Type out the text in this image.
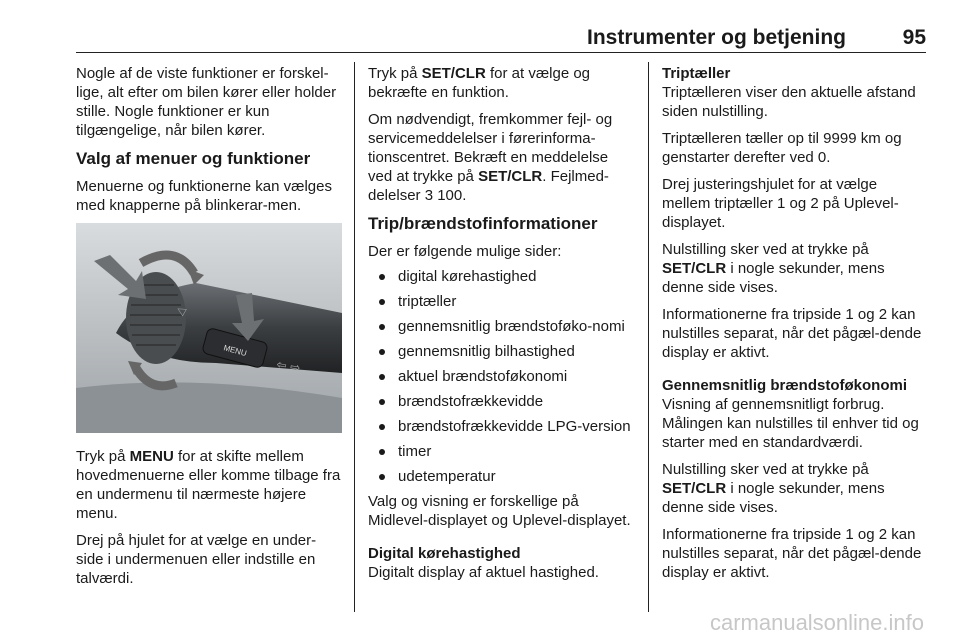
Instrumenter og betjening	95

Nogle af de viste funktioner er forskel-lige, alt efter om bilen kører eller holder stille. Nogle funktioner er kun tilgængelige, når bilen kører.

Valg af menuer og funktioner

Menuerne og funktionerne kan vælges med knapperne på blinkerar-men.

MENU
◁
⇦ ⇨

Tryk på MENU for at skifte mellem hovedmenuerne eller komme tilbage fra en undermenu til nærmeste højere menu.

Drej på hjulet for at vælge en under-side i undermenuen eller indstille en talværdi.

Tryk på SET/CLR for at vælge og bekræfte en funktion.

Om nødvendigt, fremkommer fejl- og servicemeddelelser i førerinforma-tionscentret. Bekræft en meddelelse ved at trykke på SET/CLR. Fejlmed-delelser 3 100.

Trip/brændstofinformationer

Der er følgende mulige sider:

digital kørehastighed
triptæller
gennemsnitlig brændstoføko-nomi
gennemsnitlig bilhastighed
aktuel brændstoføkonomi
brændstofrækkevidde
brændstofrækkevidde LPG-version
timer
udetemperatur

Valg og visning er forskellige på Midlevel-displayet og Uplevel-displayet.

Digital kørehastighed

Digitalt display af aktuel hastighed.

Triptæller

Triptælleren viser den aktuelle afstand siden nulstilling.

Triptælleren tæller op til 9999 km og genstarter derefter ved 0.

Drej justeringshjulet for at vælge mellem triptæller 1 og 2 på Uplevel-displayet.

Nulstilling sker ved at trykke på SET/CLR i nogle sekunder, mens denne side vises.

Informationerne fra tripside 1 og 2 kan nulstilles separat, når det pågæl-dende display er aktivt.

Gennemsnitlig brændstoføkonomi

Visning af gennemsnitligt forbrug. Målingen kan nulstilles til enhver tid og starter med en standardværdi.

Nulstilling sker ved at trykke på SET/CLR i nogle sekunder, mens denne side vises.

Informationerne fra tripside 1 og 2 kan nulstilles separat, når det pågæl-dende display er aktivt.

carmanualsonline.info
